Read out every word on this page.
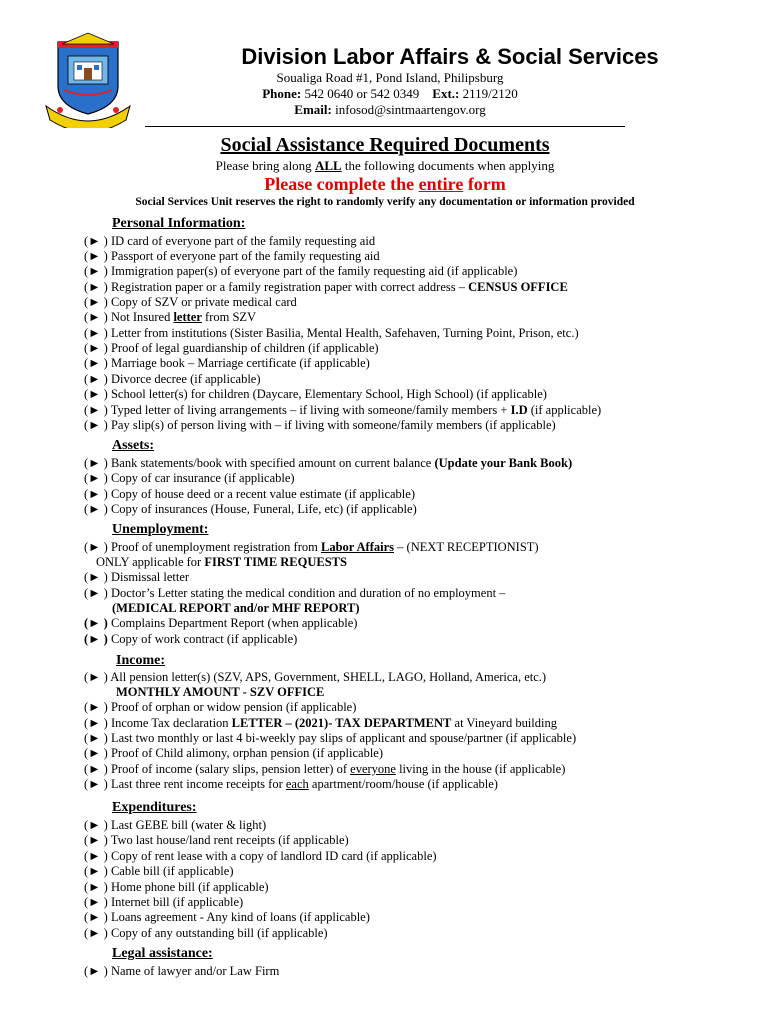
Division Labor Affairs & Social Services
Soualiga Road #1, Pond Island, Philipsburg
Phone: 542 0640 or 542 0349 Ext.: 2119/2120
Email: infosod@sintmaartengov.org
Social Assistance Required Documents
Please bring along ALL the following documents when applying
Please complete the entire form
Social Services Unit reserves the right to randomly verify any documentation or information provided
Personal Information:
(► ) ID card of everyone part of the family requesting aid
(► ) Passport of everyone part of the family requesting aid
(► ) Immigration paper(s) of everyone part of the family requesting aid (if applicable)
(► ) Registration paper or a family registration paper with correct address – CENSUS OFFICE
(► ) Copy of SZV or private medical card
(► ) Not Insured letter from SZV
(► ) Letter from institutions (Sister Basilia, Mental Health, Safehaven, Turning Point, Prison, etc.)
(► ) Proof of legal guardianship of children (if applicable)
(► ) Marriage book – Marriage certificate (if applicable)
(► ) Divorce decree (if applicable)
(► ) School letter(s) for children (Daycare, Elementary School, High School) (if applicable)
(► ) Typed letter of living arrangements – if living with someone/family members + I.D (if applicable)
(► ) Pay slip(s) of person living with – if living with someone/family members (if applicable)
Assets:
(► ) Bank statements/book with specified amount on current balance (Update your Bank Book)
(► ) Copy of car insurance (if applicable)
(► ) Copy of house deed or a recent value estimate (if applicable)
(► ) Copy of insurances (House, Funeral, Life, etc) (if applicable)
Unemployment:
(► ) Proof of unemployment registration from Labor Affairs – (NEXT RECEPTIONIST)
ONLY applicable for FIRST TIME REQUESTS
(► ) Dismissal letter
(► ) Doctor’s Letter stating the medical condition and duration of no employment –
(MEDICAL REPORT and/or MHF REPORT)
(► ) Complains Department Report (when applicable)
(► ) Copy of work contract (if applicable)
Income:
(► ) All pension letter(s) (SZV, APS, Government, SHELL, LAGO, Holland, America, etc.)
MONTHLY AMOUNT - SZV OFFICE
(► ) Proof of orphan or widow pension (if applicable)
(► ) Income Tax declaration LETTER – (2021)- TAX DEPARTMENT at Vineyard building
(► ) Last two monthly or last 4 bi-weekly pay slips of applicant and spouse/partner (if applicable)
(► ) Proof of Child alimony, orphan pension (if applicable)
(► ) Proof of income (salary slips, pension letter) of everyone living in the house (if applicable)
(► ) Last three rent income receipts for each apartment/room/house (if applicable)
Expenditures:
(► ) Last GEBE bill (water & light)
(► ) Two last house/land rent receipts (if applicable)
(► ) Copy of rent lease with a copy of landlord ID card (if applicable)
(► ) Cable bill (if applicable)
(► ) Home phone bill (if applicable)
(► ) Internet bill (if applicable)
(► ) Loans agreement - Any kind of loans (if applicable)
(► ) Copy of any outstanding bill (if applicable)
Legal assistance:
(► ) Name of lawyer and/or Law Firm
